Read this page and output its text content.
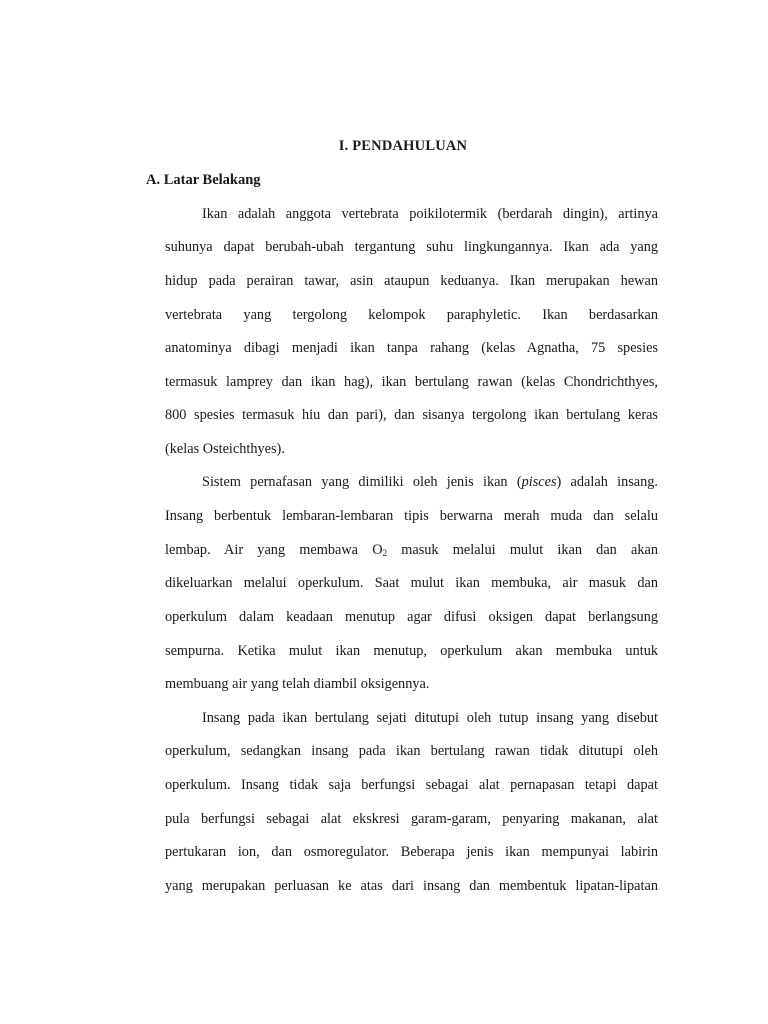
I. PENDAHULUAN
A. Latar Belakang
Ikan adalah anggota vertebrata poikilotermik (berdarah dingin), artinya
suhunya dapat berubah-ubah tergantung suhu lingkungannya. Ikan ada yang
hidup pada perairan tawar, asin ataupun keduanya. Ikan merupakan hewan
vertebrata yang tergolong kelompok paraphyletic. Ikan berdasarkan
anatominya dibagi menjadi ikan tanpa rahang (kelas Agnatha, 75 spesies
termasuk lamprey dan ikan hag), ikan bertulang rawan (kelas Chondrichthyes,
800 spesies termasuk hiu dan pari), dan sisanya tergolong ikan bertulang keras
(kelas Osteichthyes).
Sistem pernafasan yang dimiliki oleh jenis ikan (pisces) adalah insang.
Insang berbentuk lembaran-lembaran tipis berwarna merah muda dan selalu
lembap. Air yang membawa $O_2$ masuk melalui mulut ikan dan akan
dikeluarkan melalui operkulum. Saat mulut ikan membuka, air masuk dan
operkulum dalam keadaan menutup agar difusi oksigen dapat berlangsung
sempurna. Ketika mulut ikan menutup, operkulum akan membuka untuk
membuang air yang telah diambil oksigennya.
Insang pada ikan bertulang sejati ditutupi oleh tutup insang yang disebut
operkulum, sedangkan insang pada ikan bertulang rawan tidak ditutupi oleh
operkulum. Insang tidak saja berfungsi sebagai alat pernapasan tetapi dapat
pula berfungsi sebagai alat ekskresi garam-garam, penyaring makanan, alat
pertukaran ion, dan osmoregulator. Beberapa jenis ikan mempunyai labirin
yang merupakan perluasan ke atas dari insang dan membentuk lipatan-lipatan
